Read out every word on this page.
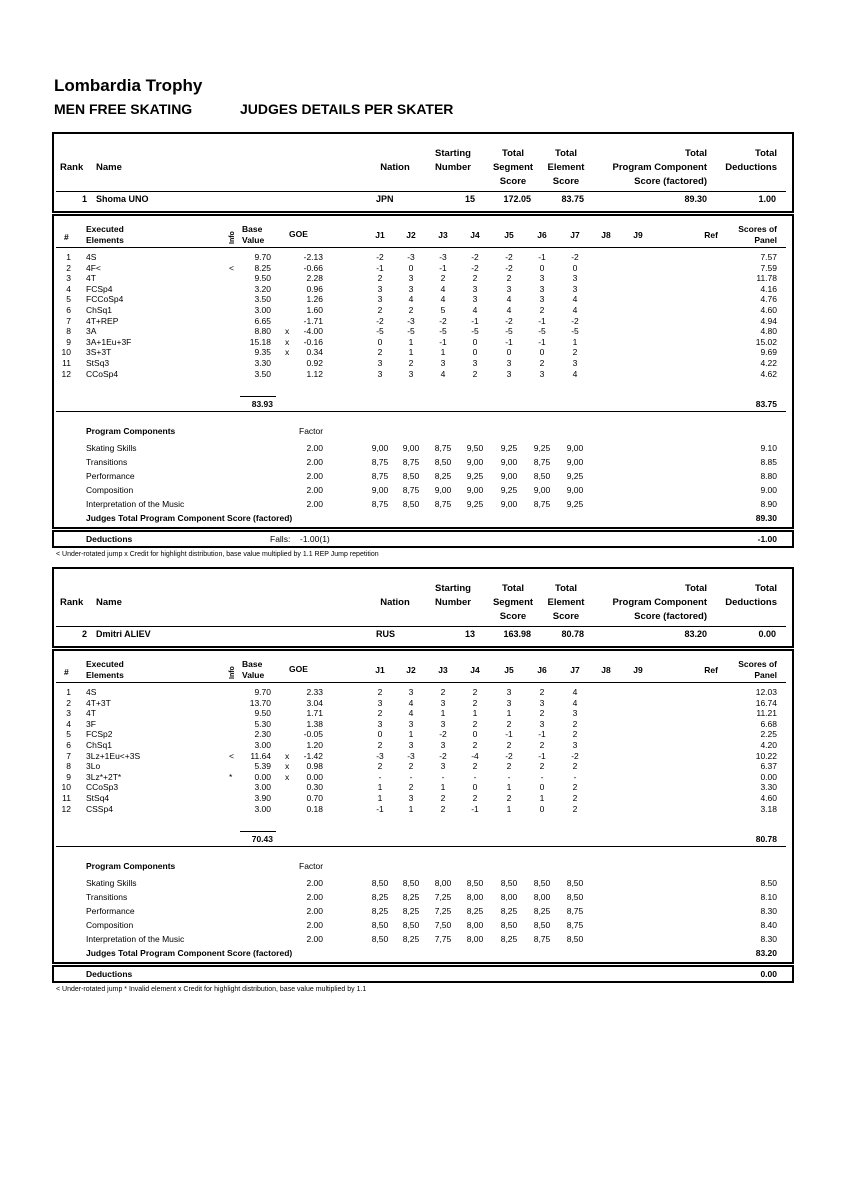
Lombardia Trophy
MEN FREE SKATING	JUDGES DETAILS PER SKATER
Rank Name	Nation
Starting
Number
Total
Segment
Score
Total
Element
Score
Total
Program Component
Score (factored)
Total
Deductions
1 Shoma UNO	JPN	15	172.05	83.75	89.30	1.00
#
Executed
Elements	Info
Base
Value
GOE	J1	J2	J3	J4	J5	J6	J7	J8	J9	Ref
Scores of
Panel
1 4S	9.70	-2.13	-2	-3	-3	-2	-2	-1	-2	7.57
2 4F<	< 8.25	-0.66	-1	0	-1	-2	-2	0	0	7.59
3 4T	9.50	2.28	2	3	2	2	2	3	3	11.78
4 FCSp4	3.20	0.96	3	3	4	3	3	3	3	4.16
5 FCCoSp4	3.50	1.26	3	4	4	3	4	3	4	4.76
6 ChSq1	3.00	1.60	2	2	5	4	4	2	4	4.60
7 4T+REP	6.65	-1.71	-2	-3	-2	-1	-2	-1	-2	4.94
8 3A	8.80 x -4.00	-5	-5	-5	-5	-5	-5	-5	4.80
9 3A+1Eu+3F	15.18 x -0.16	0	1	-1	0	-1	-1	1	15.02
10 3S+3T	9.35 x 0.34	2	1	1	0	0	0	2	9.69
11 StSq3	3.30	0.92	3	2	3	3	3	2	3	4.22
12 CCoSp4	3.50	1.12	3	3	4	2	3	3	4	4.62
83.93	83.75
Program Components	Factor
Skating Skills	2.00	9,00	9,00	8,75	9,50	9,25	9,25	9,00	9.10
Transitions	2.00	8,75	8,75	8,50	9,00	9,00	8,75	9,00	8.85
Performance	2.00	8,75	8,50	8,25	9,25	9,00	8,50	9,25	8.80
Composition	2.00	9,00	8,75	9,00	9,00	9,25	9,00	9,00	9.00
Interpretation of the Music	2.00	8,75	8,50	8,75	9,25	9,00	8,75	9,25	8.90
Judges Total Program Component Score (factored)	89.30
Deductions	Falls: -1.00(1)	-1.00
< Under-rotated jump x Credit for highlight distribution, base value multiplied by 1.1 REP Jump repetition
Rank Name	Nation
Starting
Number
Total
Segment
Score
Total
Element
Score
Total
Program Component
Score (factored)
Total
Deductions
2 Dmitri ALIEV	RUS	13	163.98	80.78	83.20	0.00
#
Executed
Elements	Info
Base
Value
GOE	J1	J2	J3	J4	J5	J6	J7	J8	J9	Ref
Scores of
Panel
1 4S	9.70	2.33	2	3	2	2	3	2	4	12.03
2 4T+3T	13.70	3.04	3	4	3	2	3	3	4	16.74
3 4T	9.50	1.71	2	4	1	1	1	2	3	11.21
4 3F	5.30	1.38	3	3	3	2	2	3	2	6.68
5 FCSp2	2.30	-0.05	0	1	-2	0	-1	-1	2	2.25
6 ChSq1	3.00	1.20	2	3	3	2	2	2	3	4.20
7 3Lz+1Eu<+3S	< 11.64 x -1.42	-3	-3	-2	-4	-2	-1	-2	10.22
8 3Lo	5.39 x 0.98	2	2	3	2	2	2	2	6.37
9 3Lz*+2T*	*	0.00 x 0.00	-	-	-	-	-	-	-	0.00
10 CCoSp3	3.00	0.30	1	2	1	0	1	0	2	3.30
11 StSq4	3.90	0.70	1	3	2	2	2	1	2	4.60
12 CSSp4	3.00	0.18	-1	1	2	-1	1	0	2	3.18
70.43	80.78
Program Components	Factor
Skating Skills	2.00	8,50	8,50	8,00	8,50	8,50	8,50	8,50	8.50
Transitions	2.00	8,25	8,25	7,25	8,00	8,00	8,00	8,50	8.10
Performance	2.00	8,25	8,25	7,25	8,25	8,25	8,25	8,75	8.30
Composition	2.00	8,50	8,50	7,50	8,00	8,50	8,50	8,75	8.40
Interpretation of the Music	2.00	8,50	8,25	7,75	8,00	8,25	8,75	8,50	8.30
Judges Total Program Component Score (factored)	83.20
Deductions	0.00
< Under-rotated jump * Invalid element x Credit for highlight distribution, base value multiplied by 1.1
